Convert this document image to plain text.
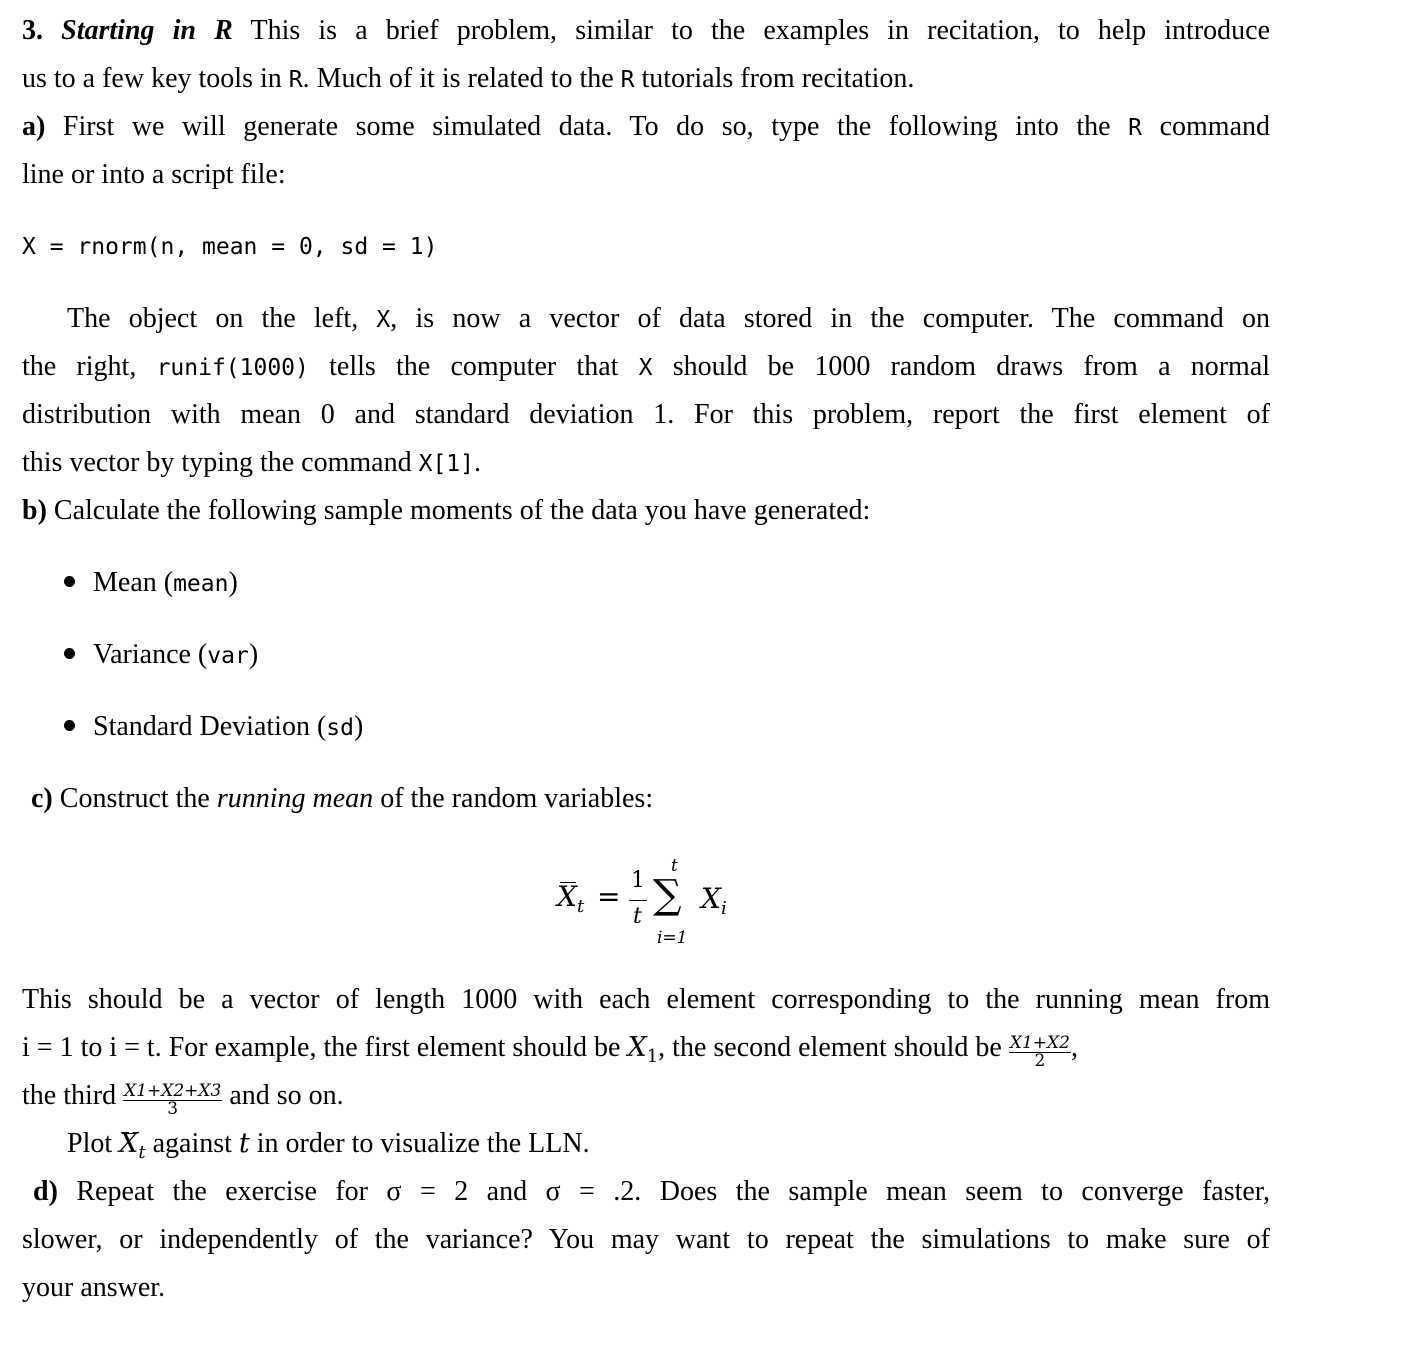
3. Starting in R This is a brief problem, similar to the examples in recitation, to help introduce
us to a few key tools in R. Much of it is related to the R tutorials from recitation.
a) First we will generate some simulated data. To do so, type the following into the R command
line or into a script file:
X = rnorm(n, mean = 0, sd = 1)
The object on the left, X, is now a vector of data stored in the computer. The command on
the right, runif(1000) tells the computer that X should be 1000 random draws from a normal
distribution with mean 0 and standard deviation 1. For this problem, report the first element of
this vector by typing the command X[1].
b) Calculate the following sample moments of the data you have generated:
Mean (mean)
Variance (var)
Standard Deviation (sd)
c) Construct the running mean of the random variables:
$X_t = 1$
t
t
∑
i=1
$X_i$
This should be a vector of length 1000 with each element corresponding to the running mean from
i = 1 to i = t. For example, the first element should be $X_1$, the second element should be $\frac{X1+X2}{2}$ ,
the third $\frac{X1+X2+X3}{3}$ and so on.
Plot $X_t$ against t in order to visualize the LLN.
d) Repeat the exercise for σ = 2 and σ = .2. Does the sample mean seem to converge faster,
slower, or independently of the variance? You may want to repeat the simulations to make sure of
your answer.
